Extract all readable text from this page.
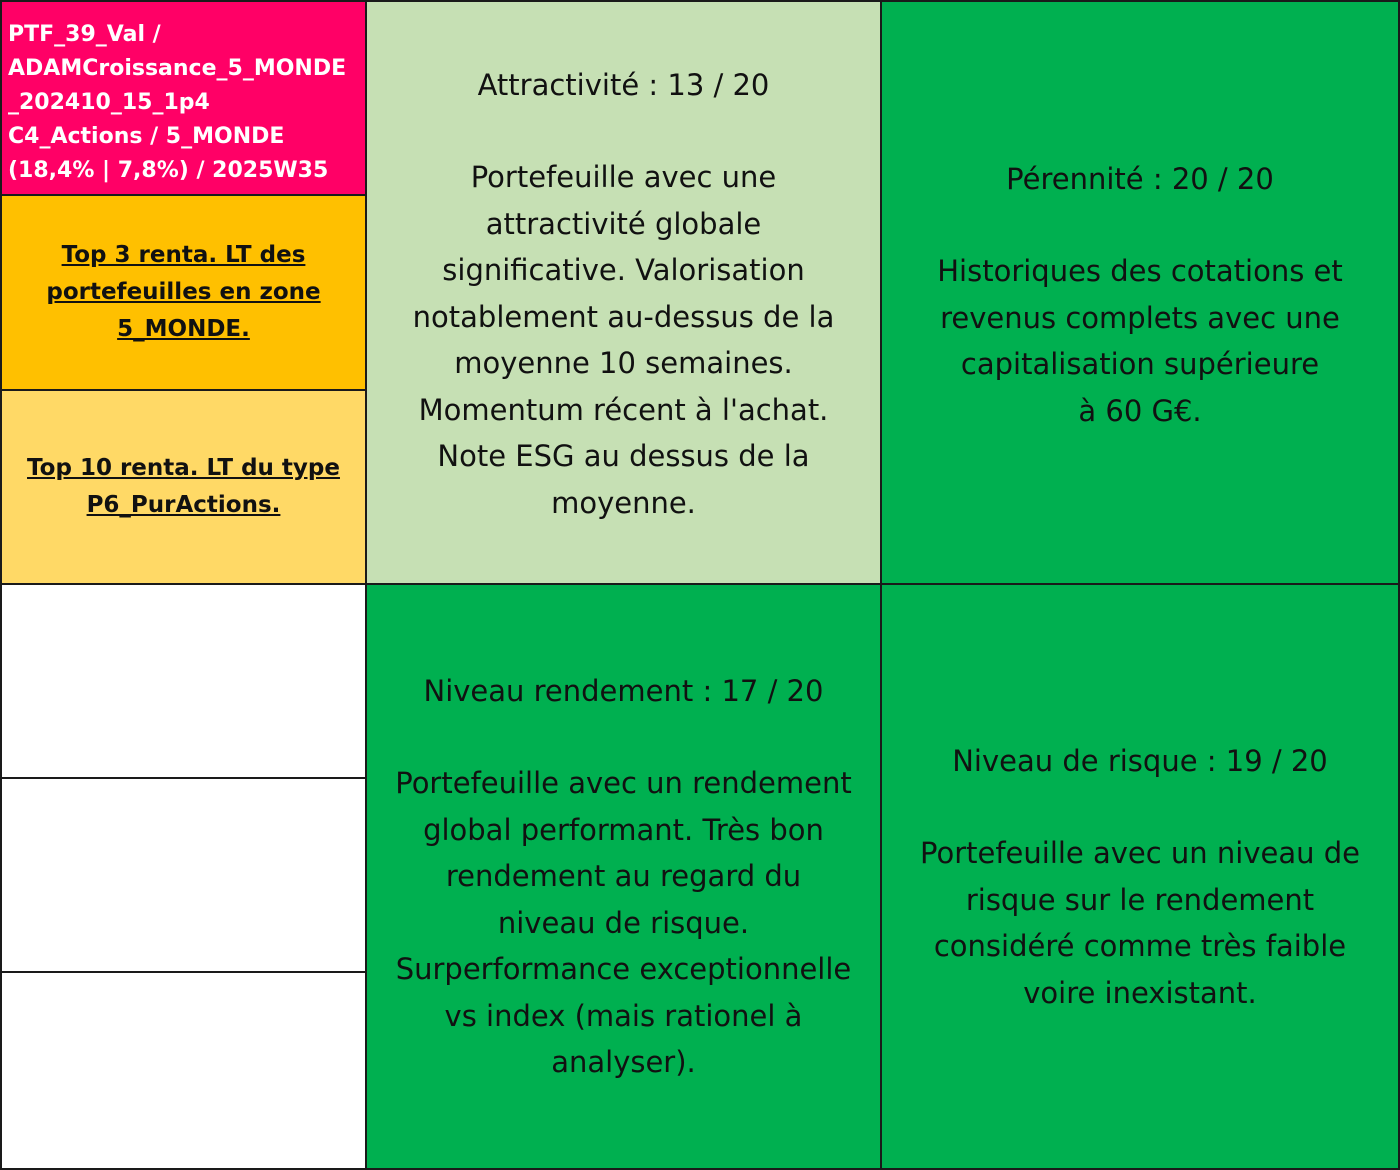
PTF_39_Val /
ADAMCroissance_5_MONDE
_202410_15_1p4
C4_Actions / 5_MONDE
(18,4% | 7,8%) / 2025W35
Top 3 renta. LT des
portefeuilles en zone
5_MONDE.
Top 10 renta. LT du type
P6_PurActions.
Attractivité : 13 / 20
Portefeuille avec une
attractivité globale
significative. Valorisation
notablement au-dessus de la
moyenne 10 semaines.
Momentum récent à l'achat.
Note ESG au dessus de la
moyenne.
Pérennité : 20 / 20
Historiques des cotations et
revenus complets avec une
capitalisation supérieure
à 60 G€.
Niveau rendement : 17 / 20
Portefeuille avec un rendement
global performant. Très bon
rendement au regard du
niveau de risque.
Surperformance exceptionnelle
vs index (mais rationel à
analyser).
Niveau de risque : 19 / 20
Portefeuille avec un niveau de
risque sur le rendement
considéré comme très faible
voire inexistant.
